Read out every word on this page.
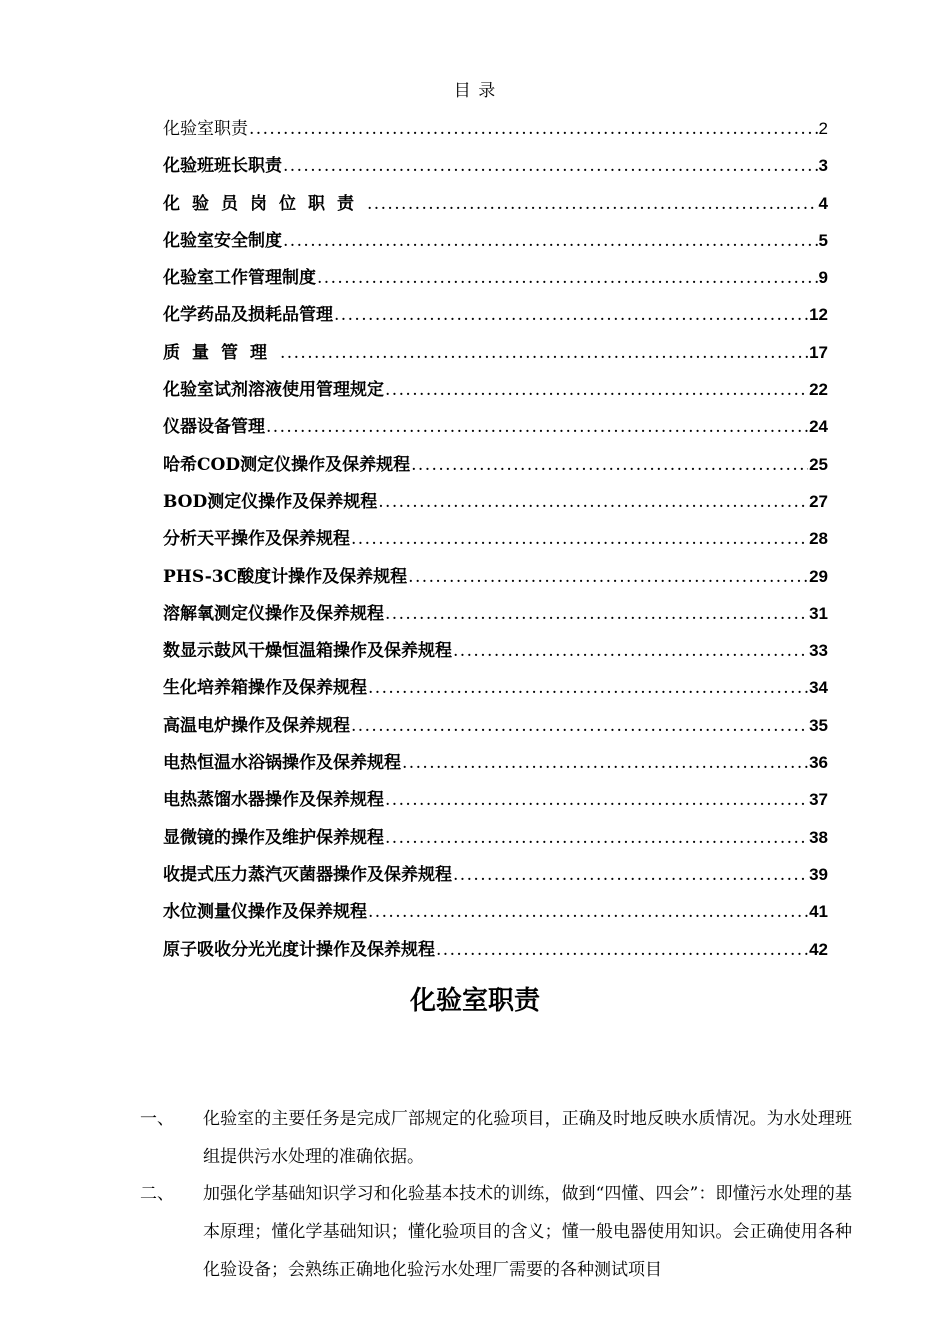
目 录
化验室职责 . . .	2
化验班班长职责 . . .	3
化验员岗位职责 . . .	4
化验室安全制度 . . .	5
化验室工作管理制度 . . .	9
化学药品及损耗品管理 . . .	12
质量管理 . . .	17
化验室试剂溶液使用管理规定 . . .	22
仪器设备管理 . . .	24
哈希COD测定仪操作及保养规程 . . .	25
BOD测定仪操作及保养规程 . . .	27
分析天平操作及保养规程 . . .	28
PHS-3C酸度计操作及保养规程 . . .	29
溶解氧测定仪操作及保养规程 . . .	31
数显示鼓风干燥恒温箱操作及保养规程 . . .	33
生化培养箱操作及保养规程 . . .	34
高温电炉操作及保养规程 . . .	35
电热恒温水浴锅操作及保养规程 . . .	36
电热蒸馏水器操作及保养规程 . . .	37
显微镜的操作及维护保养规程 . . .	38
收提式压力蒸汽灭菌器操作及保养规程 . . .	39
水位测量仪操作及保养规程 . . .	41
原子吸收分光光度计操作及保养规程 . . .	42
化验室职责
一、	化验室的主要任务是完成厂部规定的化验项目，正确及时地反映水质情况。为水处理班组提供污水处理的准确依据。
二、	加强化学基础知识学习和化验基本技术的训练，做到“四懂、四会”：即懂污水处理的基本原理；懂化学基础知识；懂化验项目的含义；懂一般电器使用知识。会正确使用各种化验设备；会熟练正确地化验污水处理厂需要的各种测试项目
